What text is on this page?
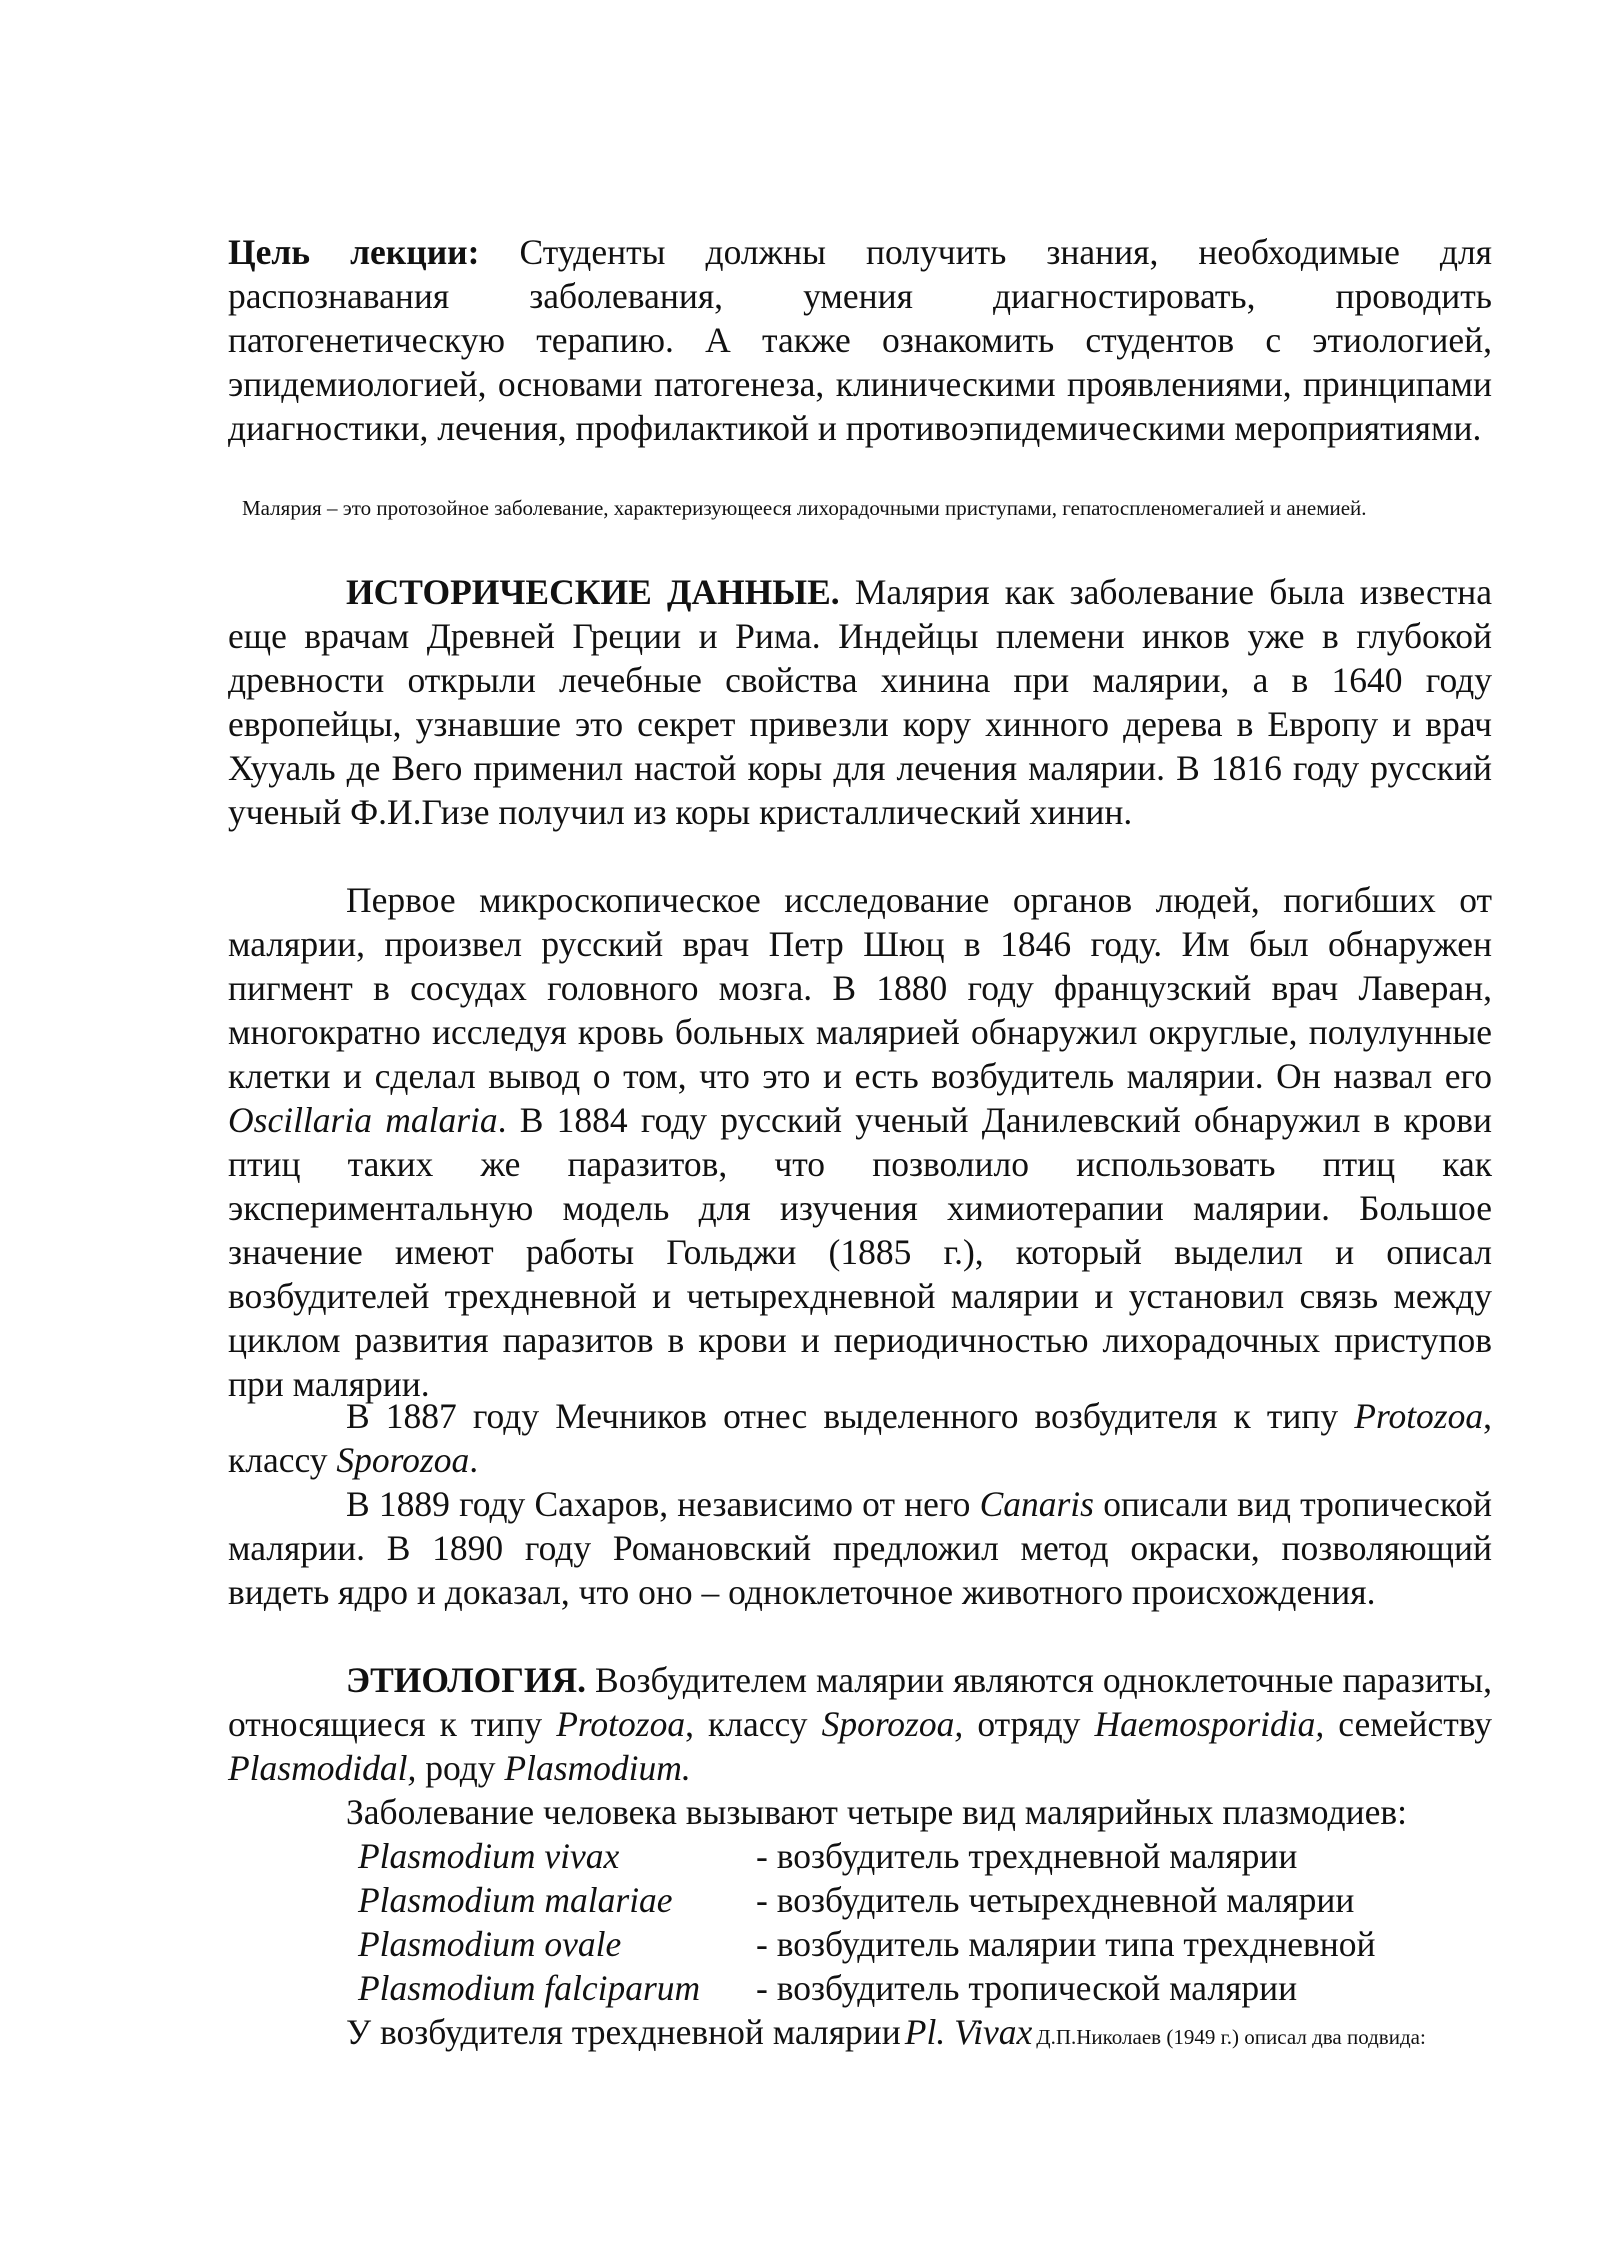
Цель лекции: Студенты должны получить знания, необходимые для распознавания заболевания, умения диагностировать, проводить патогенетическую терапию. А также ознакомить студентов с этиологией, эпидемиологией, основами патогенеза, клиническими проявлениями, принципами диагностики, лечения, профилактикой и противоэпидемическими мероприятиями.
Малярия – это протозойное заболевание, характеризующееся лихорадочными приступами, гепатоспленомегалией и анемией.
ИСТОРИЧЕСКИЕ ДАННЫЕ. Малярия как заболевание была известна еще врачам Древней Греции и Рима. Индейцы племени инков уже в глубокой древности открыли лечебные свойства хинина при малярии, а в 1640 году европейцы, узнавшие это секрет привезли кору хинного дерева в Европу и врач Хууаль де Вего применил настой коры для лечения малярии. В 1816 году русский ученый Ф.И.Гизе получил из коры кристаллический хинин.
Первое микроскопическое исследование органов людей, погибших от малярии, произвел русский врач Петр Шюц в 1846 году. Им был обнаружен пигмент в сосудах головного мозга. В 1880 году французский врач Лаверан, многократно исследуя кровь больных малярией обнаружил округлые, полулунные клетки и сделал вывод о том, что это и есть возбудитель малярии. Он назвал его Oscillaria malaria. В 1884 году русский ученый Данилевский обнаружил в крови птиц таких же паразитов, что позволило использовать птиц как экспериментальную модель для изучения химиотерапии малярии. Большое значение имеют работы Гольджи (1885 г.), который выделил и описал возбудителей трехдневной и четырехдневной малярии и установил связь между циклом развития паразитов в крови и периодичностью лихорадочных приступов при малярии.
В 1887 году Мечников отнес выделенного возбудителя к типу Protozoa, классу Sporozoa.
В 1889 году Сахаров, независимо от него Canaris описали вид тропической малярии. В 1890 году Романовский предложил метод окраски, позволяющий видеть ядро и доказал, что оно – одноклеточное животного происхождения.
ЭТИОЛОГИЯ. Возбудителем малярии являются одноклеточные паразиты, относящиеся к типу Protozoa, классу Sporozoa, отряду Haemosporidia, семейству Plasmodidal, роду Plasmodium.
Заболевание человека вызывают четыре вид малярийных плазмодиев:
Plasmodium vivax	- возбудитель трехдневной малярии
Plasmodium malariae	- возбудитель четырехдневной малярии
Plasmodium ovale	- возбудитель малярии типа трехдневной
Plasmodium falciparum	- возбудитель тропической малярии
У возбудителя трехдневной малярии Pl. Vivax Д.П.Николаев (1949 г.) описал два подвида:
